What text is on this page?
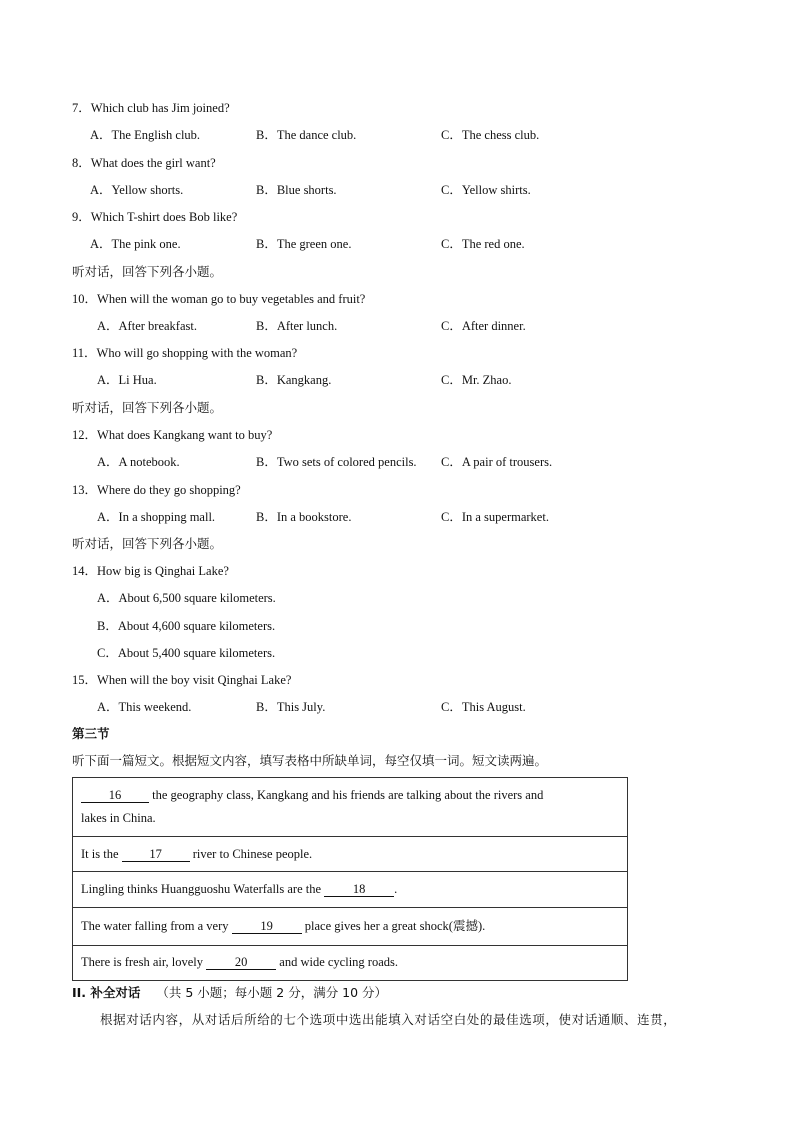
7．Which club has Jim joined?
A．The English club.	B．The dance club.	C．The chess club.
8．What does the girl want?
A．Yellow shorts.	B．Blue shorts.	C．Yellow shirts.
9．Which T-shirt does Bob like?
A．The pink one.	B．The green one.	C．The red one.
听对话，回答下列各小题。
10．When will the woman go to buy vegetables and fruit?
A．After breakfast.	B．After lunch.	C．After dinner.
11．Who will go shopping with the woman?
A．Li Hua.	B．Kangkang.	C．Mr. Zhao.
听对话，回答下列各小题。
12．What does Kangkang want to buy?
A．A notebook.	B．Two sets of colored pencils. C．A pair of trousers.
13．Where do they go shopping?
A．In a shopping mall.	B．In a bookstore.	C．In a supermarket.
听对话，回答下列各小题。
14．How big is Qinghai Lake?
A．About 6,500 square kilometers.
B．About 4,600 square kilometers.
C．About 5,400 square kilometers.
15．When will the boy visit Qinghai Lake?
A．This weekend.	B．This July.	C．This August.
第三节
听下面一篇短文。根据短文内容，填写表格中所缺单词，每空仅填一词。短文读两遍。
16 the geography class, Kangkang and his friends are talking about the rivers and
lakes in China.
It is the 17 river to Chinese people.
Lingling thinks Huangguoshu Waterfalls are the 18 .
The water falling from a very 19 place gives her a great shock(震撼).
There is fresh air, lovely 20 and wide cycling roads.
II. 补全对话 （共 5 小题；每小题 2 分，满分 10 分）
根据对话内容，从对话后所给的七个选项中选出能填入对话空白处的最佳选项，使对话通顺、连贯，
